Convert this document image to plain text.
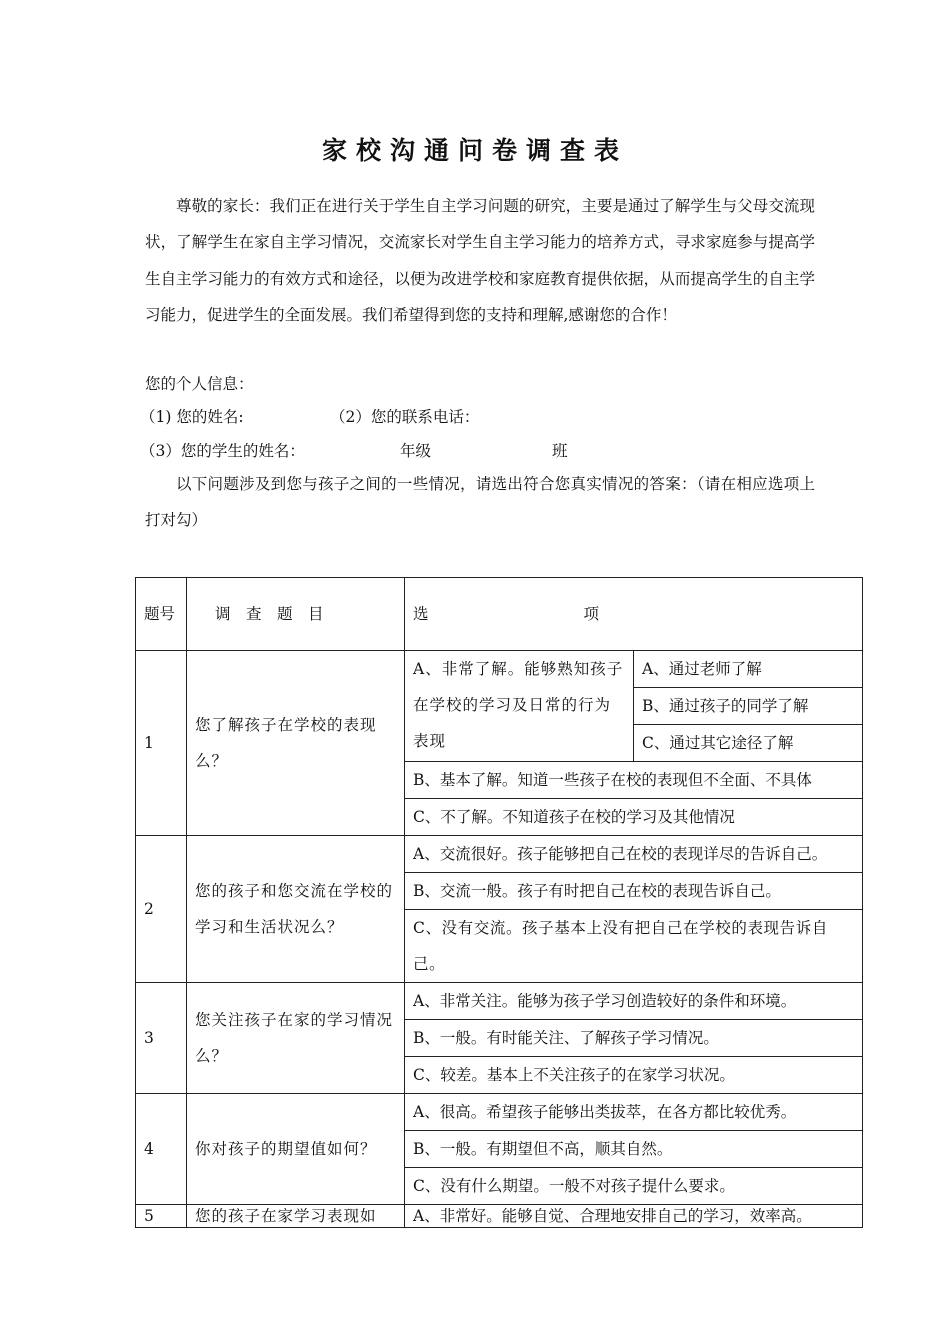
家校沟通问卷调查表

尊敬的家长：我们正在进行关于学生自主学习问题的研究，主要是通过了解学生与父母交流现状，了解学生在家自主学习情况，交流家长对学生自主学习能力的培养方式，寻求家庭参与提高学生自主学习能力的有效方式和途径，以便为改进学校和家庭教育提供依据，从而提高学生的自主学习能力，促进学生的全面发展。我们希望得到您的支持和理解,感谢您的合作！

您的个人信息：
（1) 您的姓名:	（2）您的联系电话：
（3）您的学生的姓名：	年级	班

以下问题涉及到您与孩子之间的一些情况，请选出符合您真实情况的答案：（请在相应选项上打对勾）

题号	调　查　题　目	选　　　　　　　　　　项	
1	您了解孩子在学校的表现么？	A、非常了解。能够熟知孩子在学校的学习及日常的行为表现	A、通过老师了解
			B、通过孩子的同学了解
			C、通过其它途径了解
		B、基本了解。知道一些孩子在校的表现但不全面、不具体	
		C、不了解。不知道孩子在校的学习及其他情况	
2	您的孩子和您交流在学校的学习和生活状况么？	A、交流很好。孩子能够把自己在校的表现详尽的告诉自己。	
		B、交流一般。孩子有时把自己在校的表现告诉自己。	
		C、没有交流。孩子基本上没有把自己在学校的表现告诉自己。	
3	您关注孩子在家的学习情况么？	A、非常关注。能够为孩子学习创造较好的条件和环境。	
		B、一般。有时能关注、了解孩子学习情况。	
		C、较差。基本上不关注孩子的在家学习状况。	
4	你对孩子的期望值如何？	A、很高。希望孩子能够出类拔萃，在各方都比较优秀。	
		B、一般。有期望但不高，顺其自然。	
		C、没有什么期望。一般不对孩子提什么要求。	
5	您的孩子在家学习表现如	A、非常好。能够自觉、合理地安排自己的学习，效率高。	
